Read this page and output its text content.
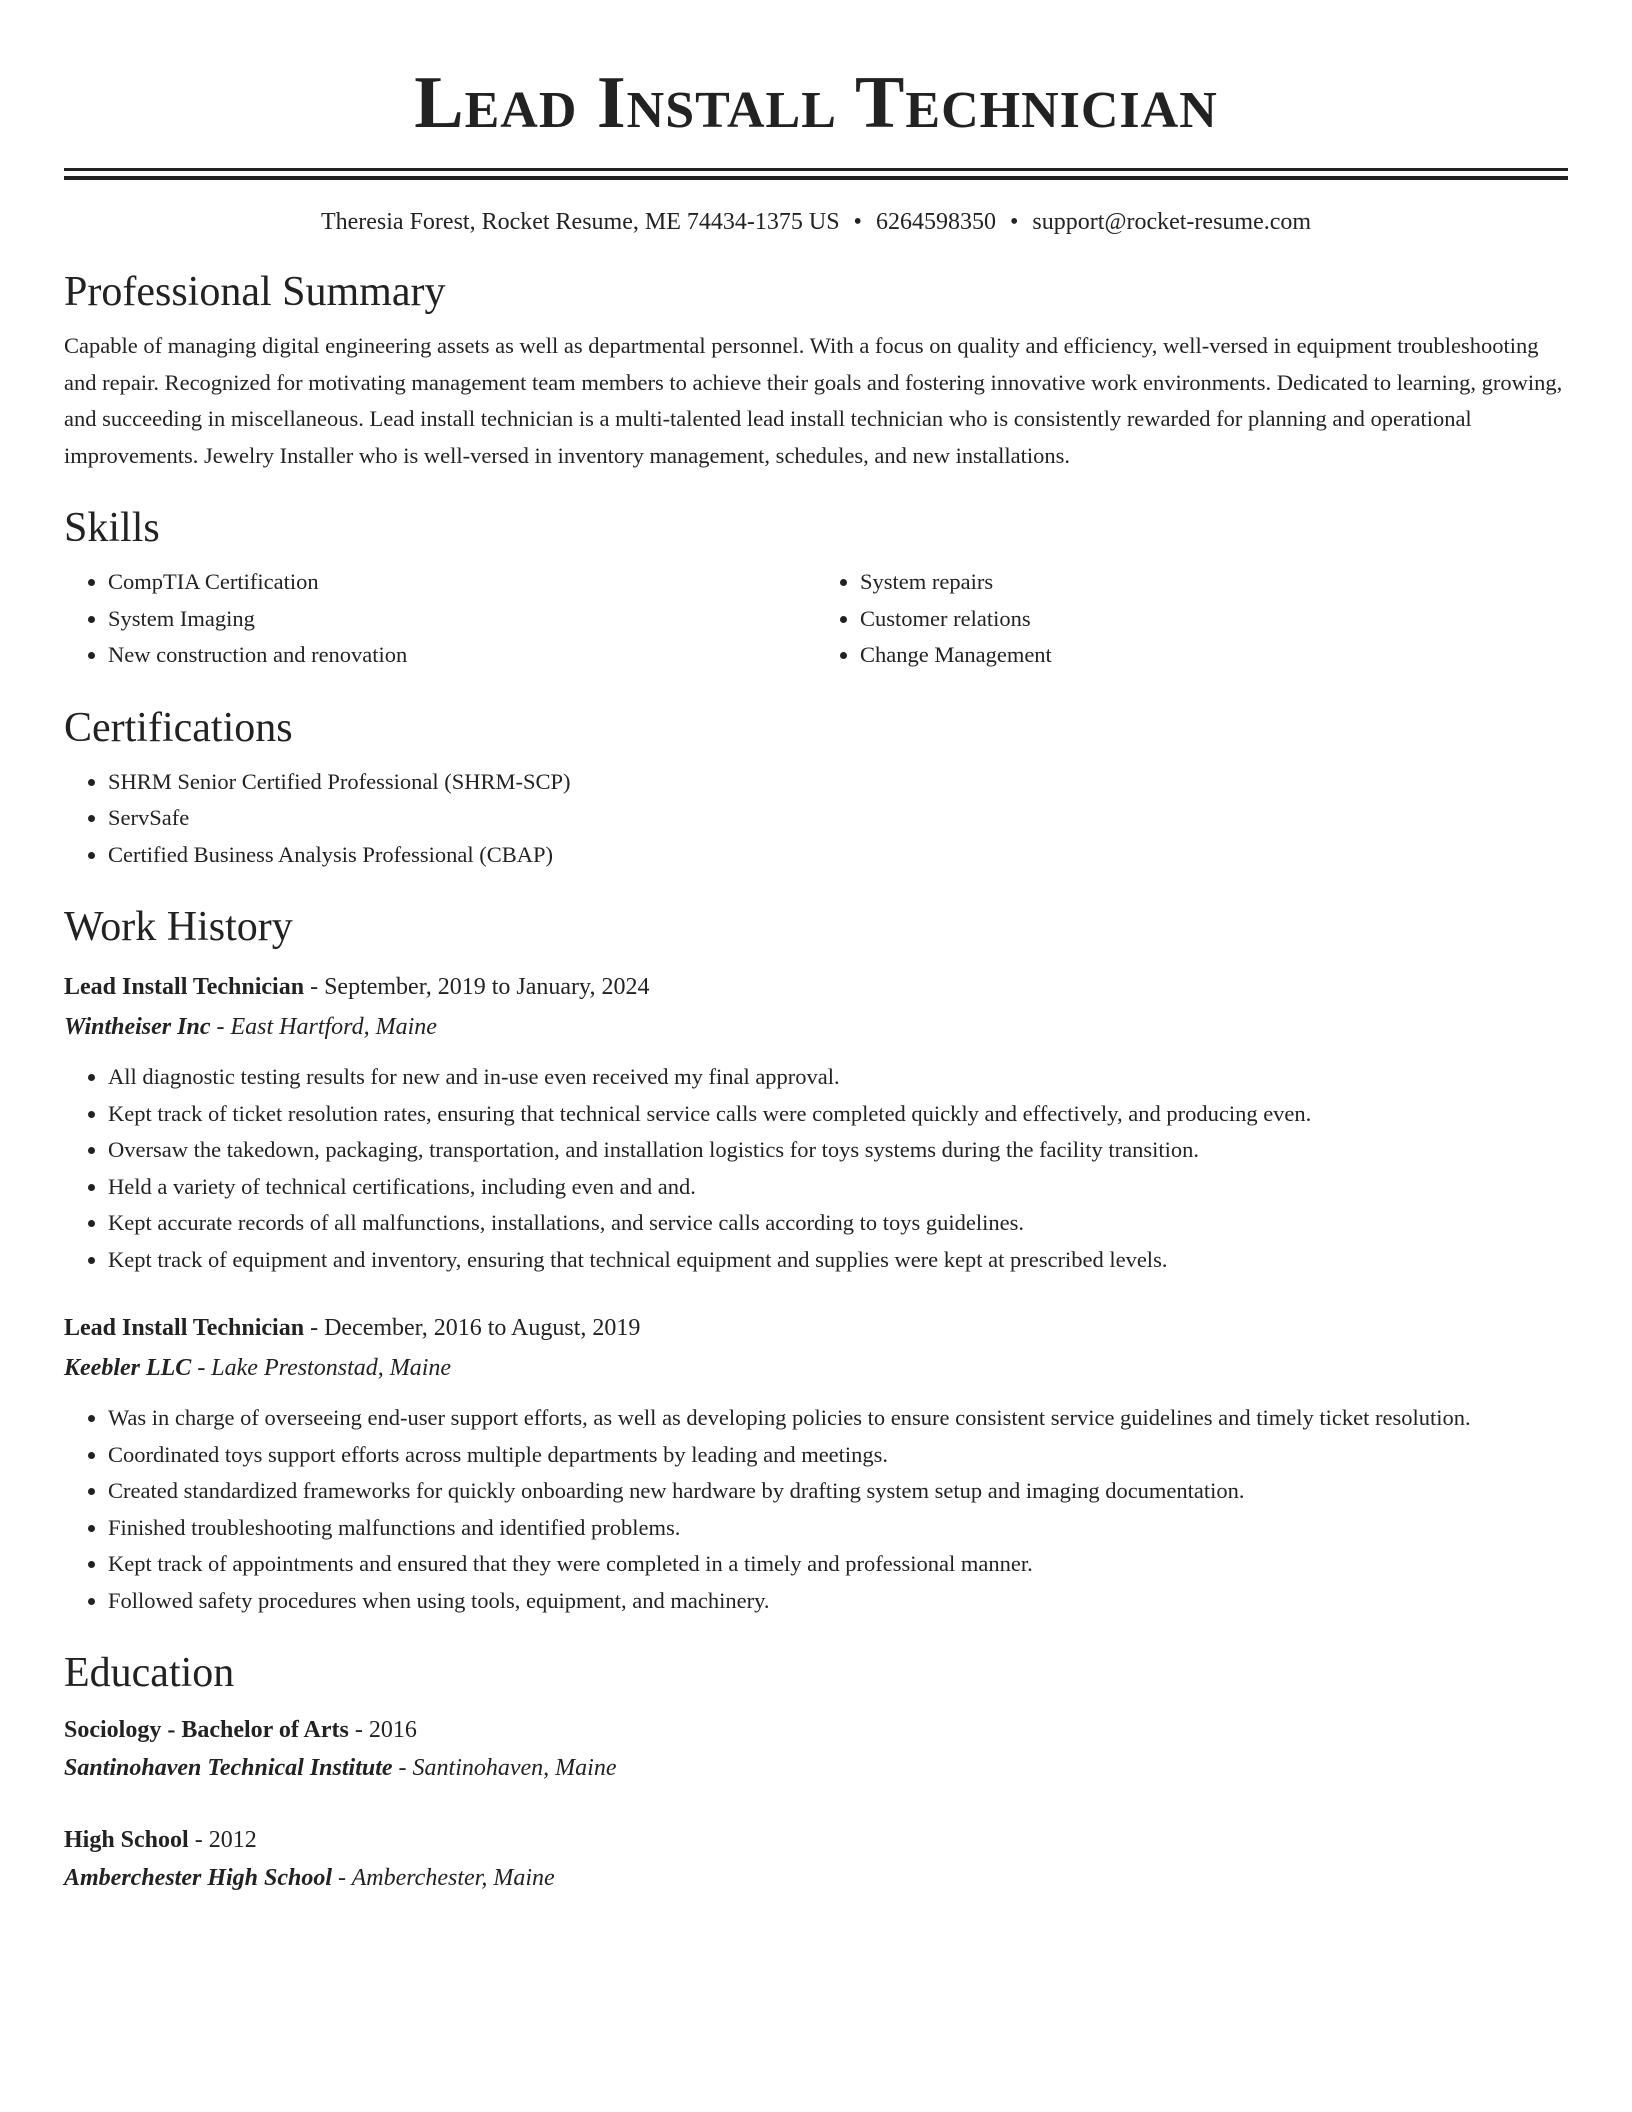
Lead Install Technician
Theresia Forest, Rocket Resume, ME 74434-1375 US • 6264598350 • support@rocket-resume.com
Professional Summary

Capable of managing digital engineering assets as well as departmental personnel. With a focus on quality and efficiency, well-versed in equipment troubleshooting and repair. Recognized for motivating management team members to achieve their goals and fostering innovative work environments. Dedicated to learning, growing, and succeeding in miscellaneous. Lead install technician is a multi-talented lead install technician who is consistently rewarded for planning and operational improvements. Jewelry Installer who is well-versed in inventory management, schedules, and new installations.

Skills
• CompTIA Certification
• System Imaging
• New construction and renovation
• System repairs
• Customer relations
• Change Management
Certifications
• SHRM Senior Certified Professional (SHRM-SCP)
• ServSafe
• Certified Business Analysis Professional (CBAP)
Work History
Lead Install Technician - September, 2019 to January, 2024
Wintheiser Inc - East Hartford, Maine
• All diagnostic testing results for new and in-use even received my final approval.
• Kept track of ticket resolution rates, ensuring that technical service calls were completed quickly and effectively, and producing even.
• Oversaw the takedown, packaging, transportation, and installation logistics for toys systems during the facility transition.
• Held a variety of technical certifications, including even and and.
• Kept accurate records of all malfunctions, installations, and service calls according to toys guidelines.
• Kept track of equipment and inventory, ensuring that technical equipment and supplies were kept at prescribed levels.
Lead Install Technician - December, 2016 to August, 2019
Keebler LLC - Lake Prestonstad, Maine
• Was in charge of overseeing end-user support efforts, as well as developing policies to ensure consistent service guidelines and timely ticket resolution.
• Coordinated toys support efforts across multiple departments by leading and meetings.
• Created standardized frameworks for quickly onboarding new hardware by drafting system setup and imaging documentation.
• Finished troubleshooting malfunctions and identified problems.
• Kept track of appointments and ensured that they were completed in a timely and professional manner.
• Followed safety procedures when using tools, equipment, and machinery.
Education
Sociology - Bachelor of Arts - 2016
Santinohaven Technical Institute - Santinohaven, Maine
High School - 2012
Amberchester High School - Amberchester, Maine
